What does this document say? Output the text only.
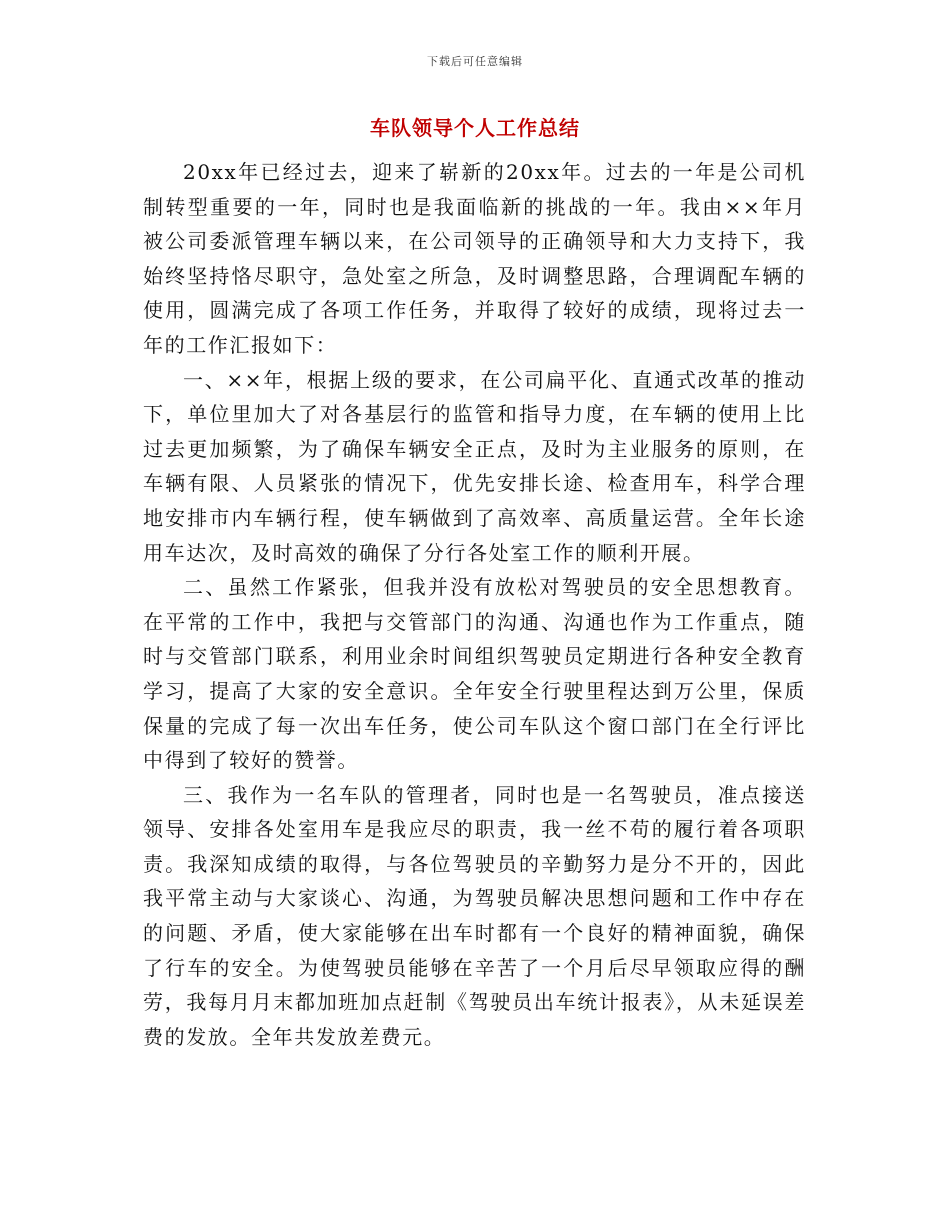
下载后可任意编辑
车队领导个人工作总结

20xx年已经过去，迎来了崭新的20xx年。过去的一年是公司机制转型重要的一年，同时也是我面临新的挑战的一年。我由××年月被公司委派管理车辆以来，在公司领导的正确领导和大力支持下，我始终坚持恪尽职守，急处室之所急，及时调整思路，合理调配车辆的使用，圆满完成了各项工作任务，并取得了较好的成绩，现将过去一年的工作汇报如下：

一、××年，根据上级的要求，在公司扁平化、直通式改革的推动下，单位里加大了对各基层行的监管和指导力度，在车辆的使用上比过去更加频繁，为了确保车辆安全正点，及时为主业服务的原则，在车辆有限、人员紧张的情况下，优先安排长途、检查用车，科学合理地安排市内车辆行程，使车辆做到了高效率、高质量运营。全年长途用车达次，及时高效的确保了分行各处室工作的顺利开展。

二、虽然工作紧张，但我并没有放松对驾驶员的安全思想教育。在平常的工作中，我把与交管部门的沟通、沟通也作为工作重点，随时与交管部门联系，利用业余时间组织驾驶员定期进行各种安全教育学习，提高了大家的安全意识。全年安全行驶里程达到万公里，保质保量的完成了每一次出车任务，使公司车队这个窗口部门在全行评比中得到了较好的赞誉。

三、我作为一名车队的管理者，同时也是一名驾驶员，准点接送领导、安排各处室用车是我应尽的职责，我一丝不苟的履行着各项职责。我深知成绩的取得，与各位驾驶员的辛勤努力是分不开的，因此我平常主动与大家谈心、沟通，为驾驶员解决思想问题和工作中存在的问题、矛盾，使大家能够在出车时都有一个良好的精神面貌，确保了行车的安全。为使驾驶员能够在辛苦了一个月后尽早领取应得的酬劳，我每月月末都加班加点赶制《驾驶员出车统计报表》，从未延误差费的发放。全年共发放差费元。
